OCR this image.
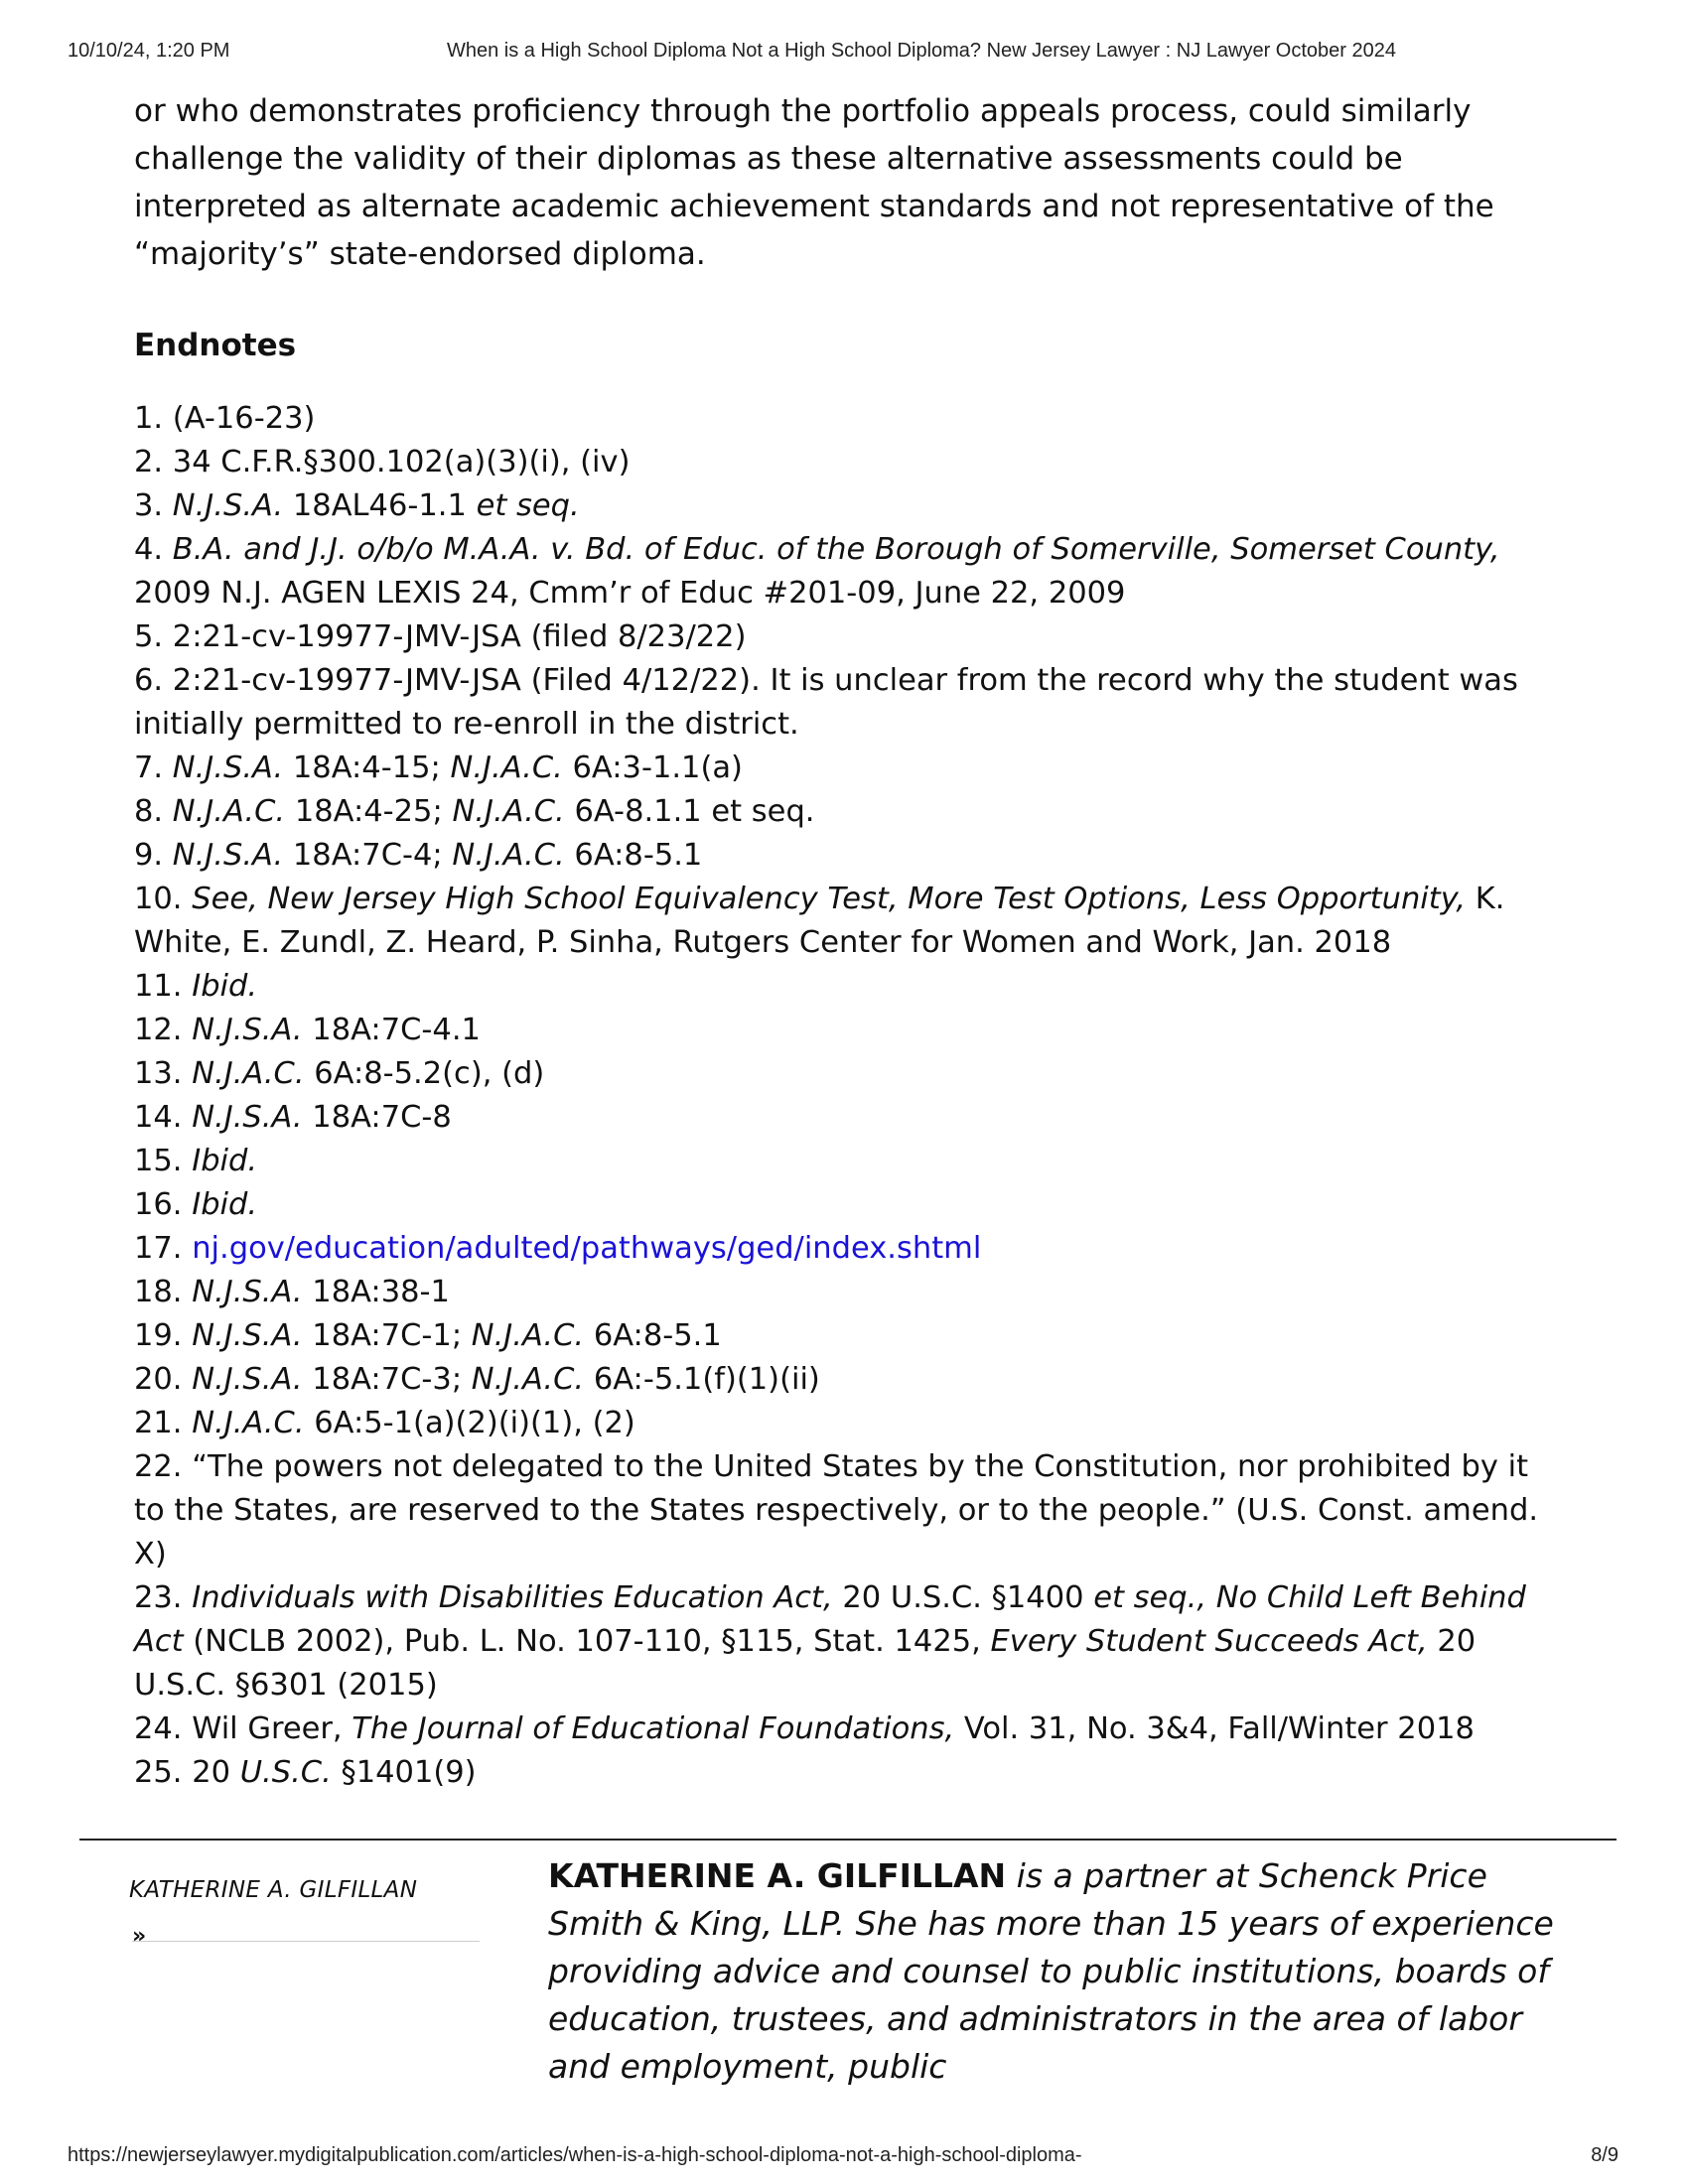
10/10/24, 1:20 PM	When is a High School Diploma Not a High School Diploma? New Jersey Lawyer : NJ Lawyer October 2024

or who demonstrates proficiency through the portfolio appeals process, could similarly challenge the validity of their diplomas as these alternative assessments could be interpreted as alternate academic achievement standards and not representative of the “majority’s” state-endorsed diploma.

Endnotes
1. (A-16-23)
2. 34 C.F.R.§300.102(a)(3)(i), (iv)
3. N.J.S.A. 18AL46-1.1 et seq.
4. B.A. and J.J. o/b/o M.A.A. v. Bd. of Educ. of the Borough of Somerville, Somerset County, 2009 N.J. AGEN LEXIS 24, Cmm’r of Educ #201-09, June 22, 2009
5. 2:21-cv-19977-JMV-JSA (filed 8/23/22)
6. 2:21-cv-19977-JMV-JSA (Filed 4/12/22). It is unclear from the record why the student was initially permitted to re-enroll in the district.
7. N.J.S.A. 18A:4-15; N.J.A.C. 6A:3-1.1(a)
8. N.J.A.C. 18A:4-25; N.J.A.C. 6A-8.1.1 et seq.
9. N.J.S.A. 18A:7C-4; N.J.A.C. 6A:8-5.1
10. See, New Jersey High School Equivalency Test, More Test Options, Less Opportunity, K. White, E. Zundl, Z. Heard, P. Sinha, Rutgers Center for Women and Work, Jan. 2018
11. Ibid.
12. N.J.S.A. 18A:7C-4.1
13. N.J.A.C. 6A:8-5.2(c), (d)
14. N.J.S.A. 18A:7C-8
15. Ibid.
16. Ibid.
17. nj.gov/education/adulted/pathways/ged/index.shtml
18. N.J.S.A. 18A:38-1
19. N.J.S.A. 18A:7C-1; N.J.A.C. 6A:8-5.1
20. N.J.S.A. 18A:7C-3; N.J.A.C. 6A:-5.1(f)(1)(ii)
21. N.J.A.C. 6A:5-1(a)(2)(i)(1), (2)
22. “The powers not delegated to the United States by the Constitution, nor prohibited by it to the States, are reserved to the States respectively, or to the people.” (U.S. Const. amend. X)
23. Individuals with Disabilities Education Act, 20 U.S.C. §1400 et seq., No Child Left Behind Act (NCLB 2002), Pub. L. No. 107-110, §115, Stat. 1425, Every Student Succeeds Act, 20 U.S.C. §6301 (2015)
24. Wil Greer, The Journal of Educational Foundations, Vol. 31, No. 3&4, Fall/Winter 2018
25. 20 U.S.C. §1401(9)
KATHERINE A. GILFILLAN
»
KATHERINE A. GILFILLAN is a partner at Schenck Price Smith & King, LLP. She has more than 15 years of experience providing advice and counsel to public institutions, boards of education, trustees, and administrators in the area of labor and employment, public
https://newjerseylawyer.mydigitalpublication.com/articles/when-is-a-high-school-diploma-not-a-high-school-diploma-	8/9
